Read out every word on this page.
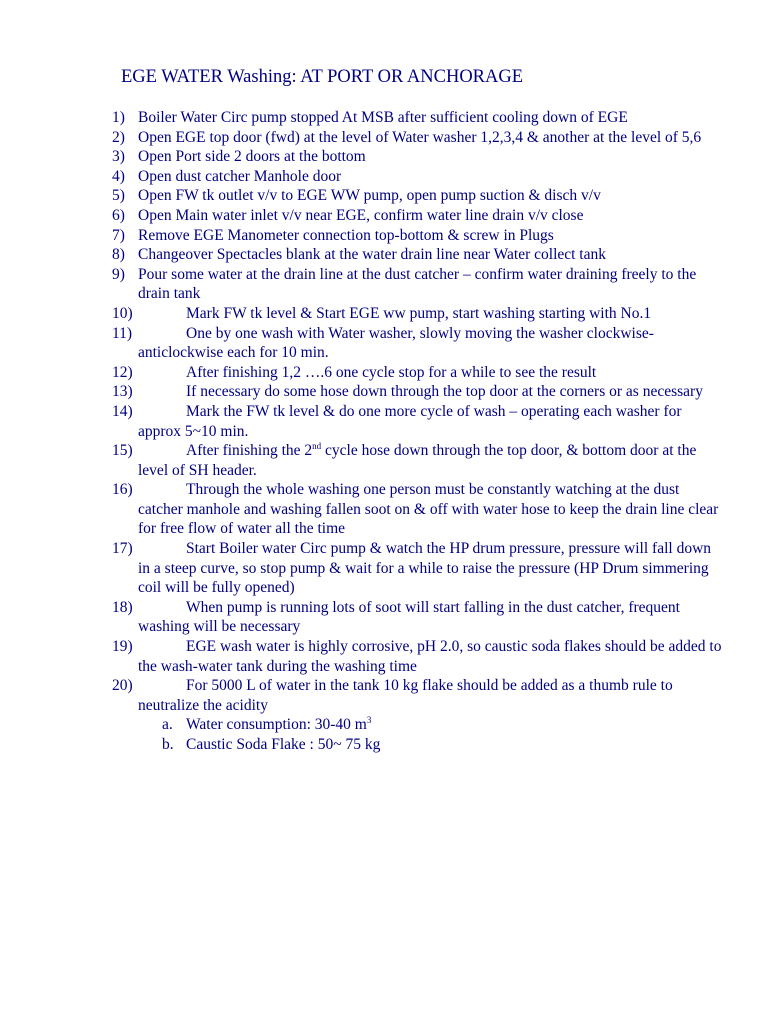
EGE WATER Washing: AT PORT OR ANCHORAGE
1) Boiler Water Circ pump stopped At MSB after sufficient cooling down of EGE
2) Open EGE top door (fwd) at the level of Water washer 1,2,3,4 & another at the level of 5,6
3) Open Port side 2 doors at the bottom
4) Open dust catcher Manhole door
5) Open FW tk outlet v/v to EGE WW pump, open pump suction & disch v/v
6) Open Main water inlet v/v near EGE, confirm water line drain v/v close
7) Remove EGE Manometer connection top-bottom & screw in Plugs
8) Changeover Spectacles blank at the water drain line near Water collect tank
9) Pour some water at the drain line at the dust catcher – confirm water draining freely to the drain tank
10)	Mark FW tk level & Start EGE ww pump, start washing starting with No.1
11)	One by one wash with Water washer, slowly moving the washer clockwise-anticlockwise each for 10 min.
12)	After finishing 1,2 ….6 one cycle stop for a while to see the result
13)	If necessary do some hose down through the top door at the corners or as necessary
14)	Mark the FW tk level & do one more cycle of wash – operating each washer for approx 5~10 min.
15)	After finishing the 2nd cycle hose down through the top door, & bottom door at the level of SH header.
16)	Through the whole washing one person must be constantly watching at the dust catcher manhole and washing fallen soot on & off with water hose to keep the drain line clear for free flow of water all the time
17)	Start Boiler water Circ pump & watch the HP drum pressure, pressure will fall down in a steep curve, so stop pump & wait for a while to raise the pressure (HP Drum simmering coil will be fully opened)
18)	When pump is running lots of soot will start falling in the dust catcher, frequent washing will be necessary
19)	EGE wash water is highly corrosive, pH 2.0, so caustic soda flakes should be added to the wash-water tank during the washing time
20)	For 5000 L of water in the tank 10 kg flake should be added as a thumb rule to neutralize the acidity
a. Water consumption: 30-40 $m^3$
b. Caustic Soda Flake : 50~ 75 kg
